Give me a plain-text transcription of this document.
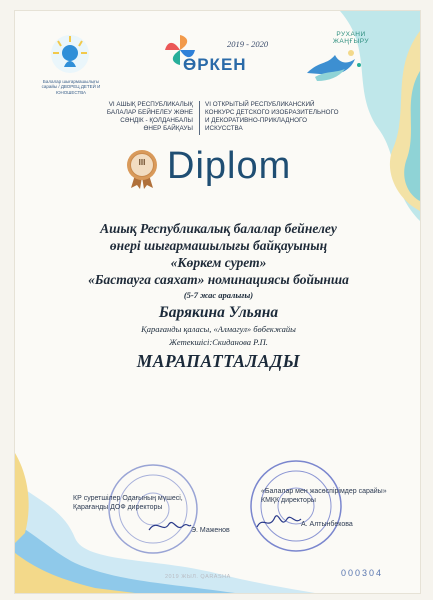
Балалар шығармашылығы сарайы / ДВОРЕЦ ДЕТЕЙ И ЮНОШЕСТВА
2019 - 2020
ӨРКЕН
РУХАНИ
ЖАҢҒЫРУ
VI АШЫҚ РЕСПУБЛИКАЛЫҚ
БАЛАЛАР БЕЙНЕЛЕУ ЖӘНЕ
СӘНДІК - ҚОЛДАНБАЛЫ
ӨНЕР БАЙҚАУЫ
VI ОТКРЫТЫЙ РЕСПУБЛИКАНСКИЙ
КОНКУРС ДЕТСКОГО ИЗОБРАЗИТЕЛЬНОГО
И ДЕКОРАТИВНО-ПРИКЛАДНОГО
ИСКУССТВА
III Diplom
Ашық Республикалық балалар бейнелеу
өнері шығармашылығы байқауының
«Көркем сурет»
«Бастауга саяхат» номинациясы бойынша
(5-7 жас аралығы)
Барякина Ульяна
Қарағанды қаласы, «Алмагул» бөбекжайы
Жетекшісі:Скиданова Р.П.
МАРАПАТТАЛАДЫ
КР суретшілер Одағының мүшесі,
Қарағанды ДОФ директоры
Э. Маженов
«Балалар мен жасөспірімдер сарайы»
КМҚК директоры
А. Алтынбекова
2019 ЖЫЛ. QARASHA	000304
